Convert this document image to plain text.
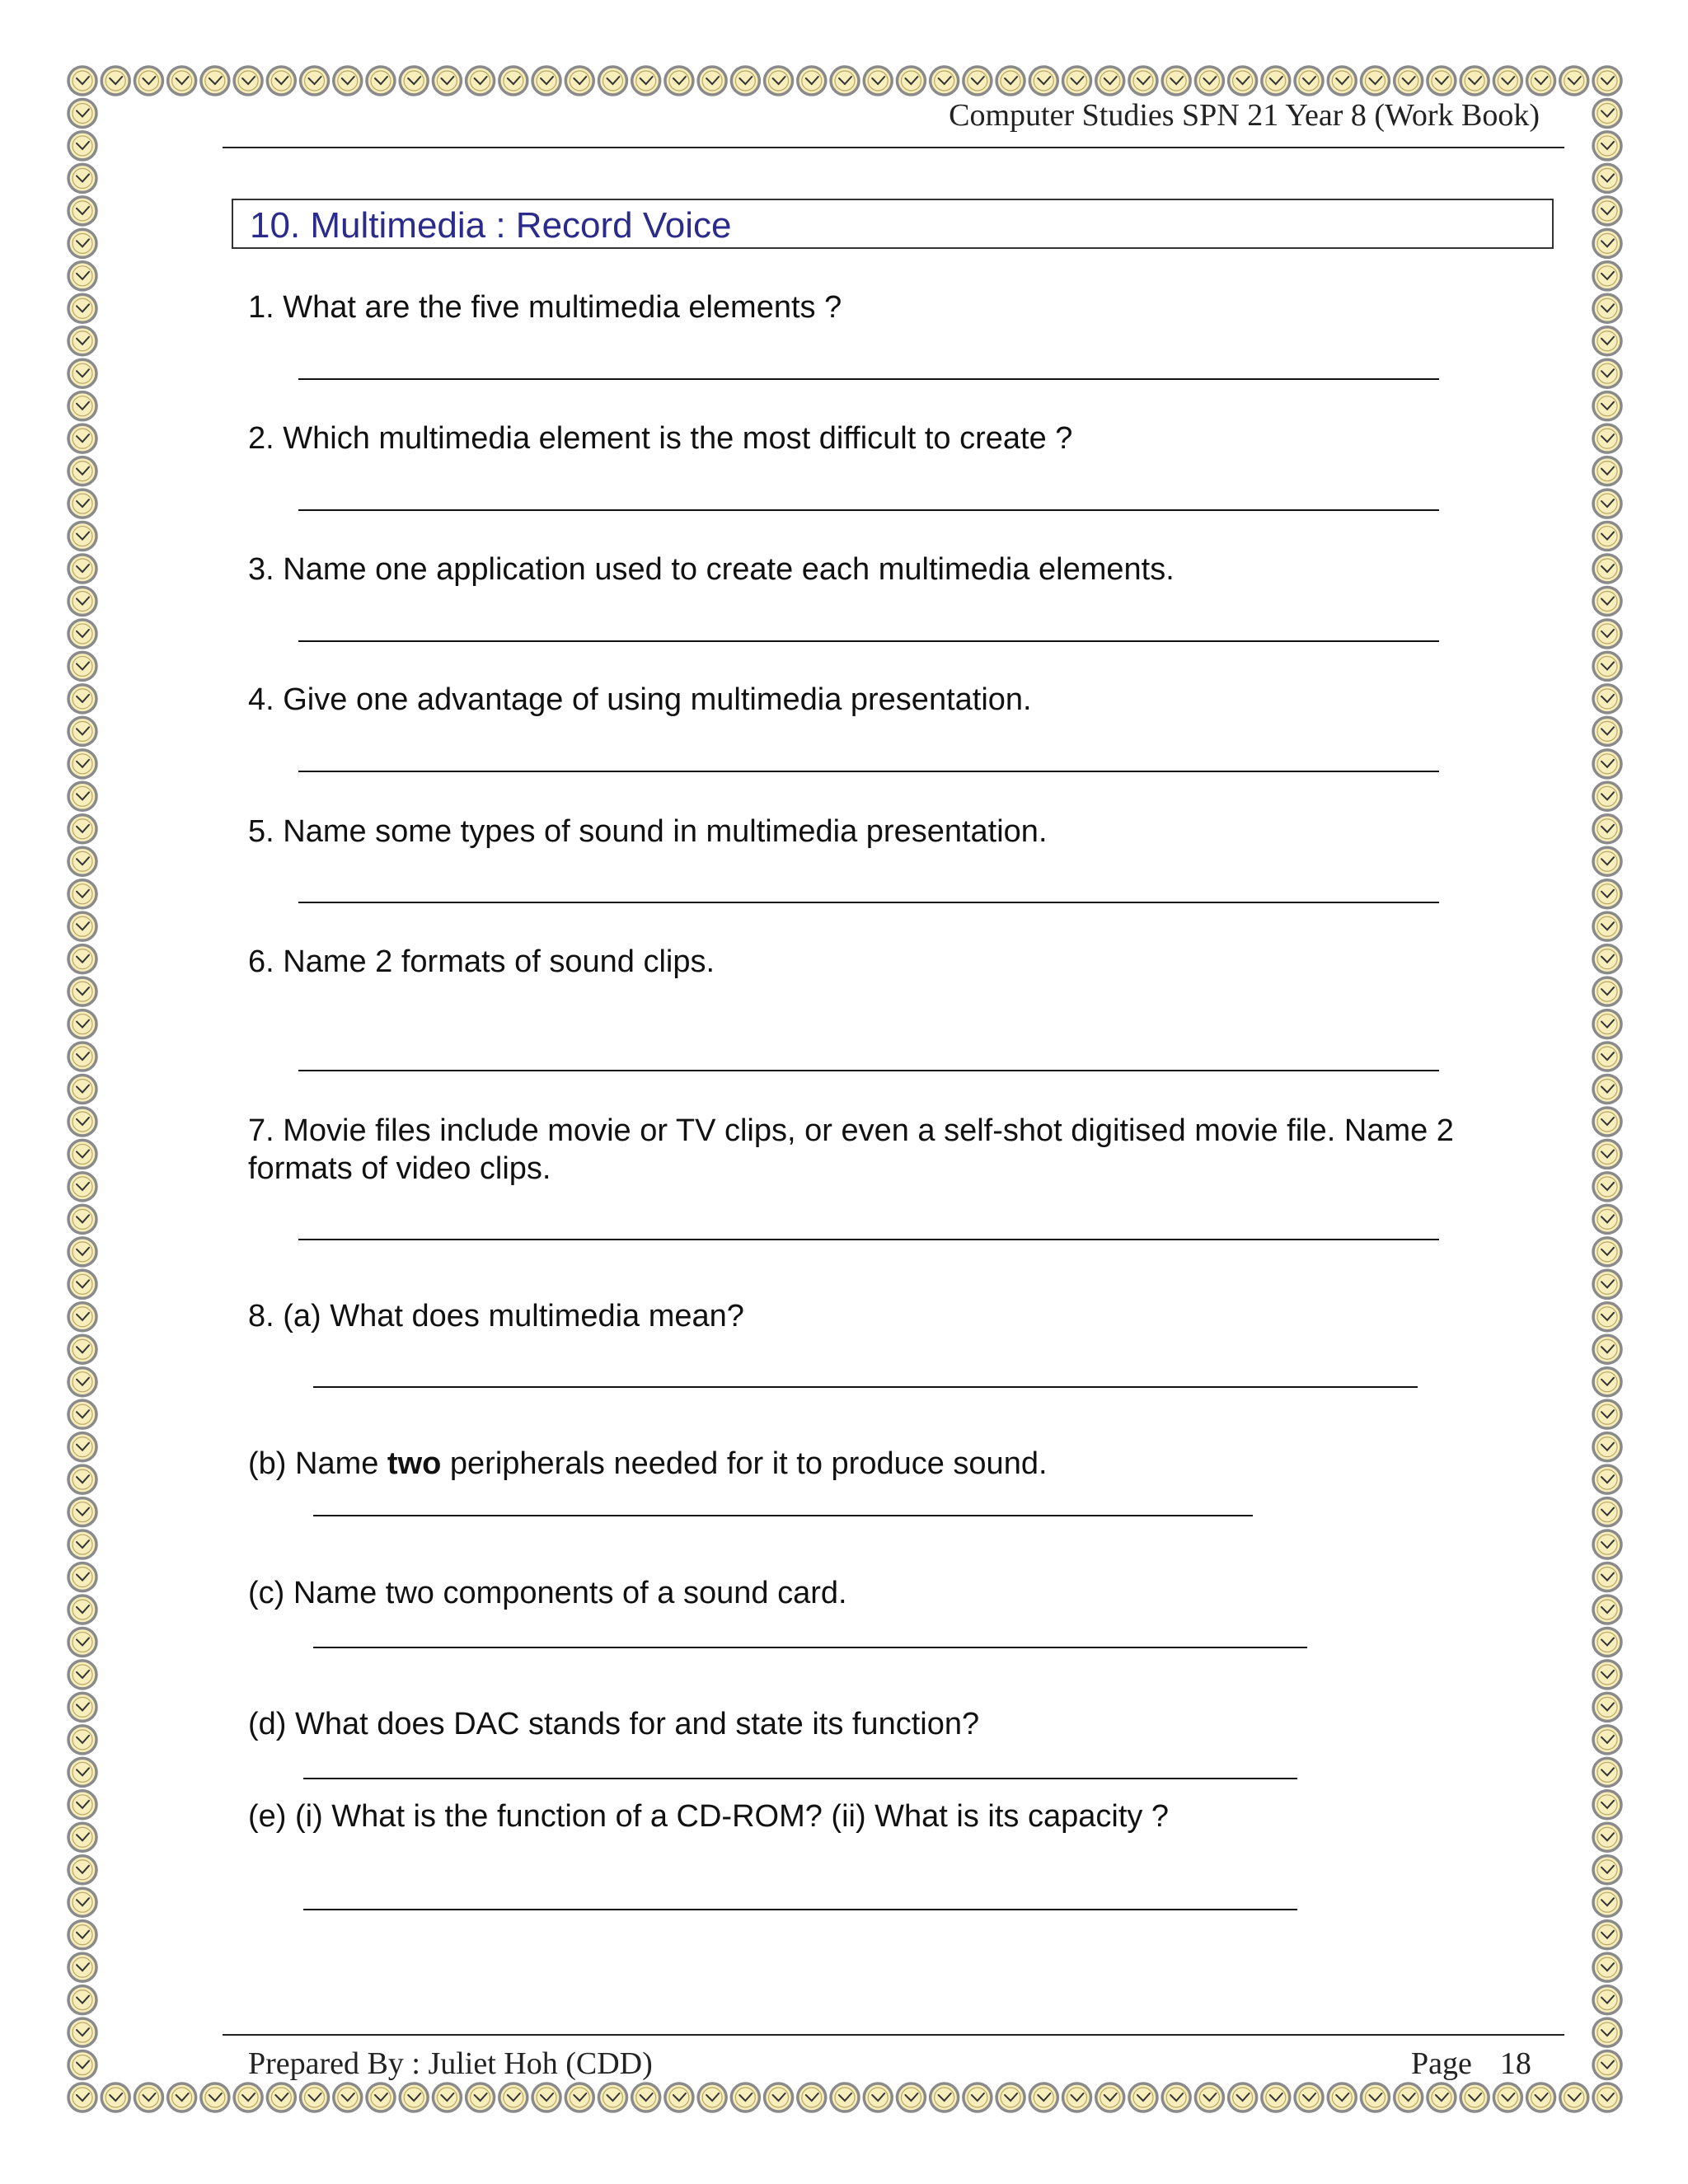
Computer Studies SPN 21 Year 8 (Work Book)
10. Multimedia : Record Voice
1. What are the five multimedia elements ?
2. Which multimedia element is the most difficult to create ?
3. Name one application used to create each multimedia elements.
4. Give one advantage of using multimedia presentation.
5. Name some types of sound in multimedia presentation.
6. Name 2 formats of sound clips.
7. Movie files include movie or TV clips, or even a self-shot digitised movie file. Name 2 formats of video clips.
8. (a) What does multimedia mean?
(b) Name two peripherals needed for it to produce sound.
(c) Name two components of a sound card.
(d) What does DAC stands for and state its function?
(e) (i) What is the function of a CD-ROM? (ii) What is its capacity ?
Prepared By : Juliet Hoh (CDD)	Page 18
